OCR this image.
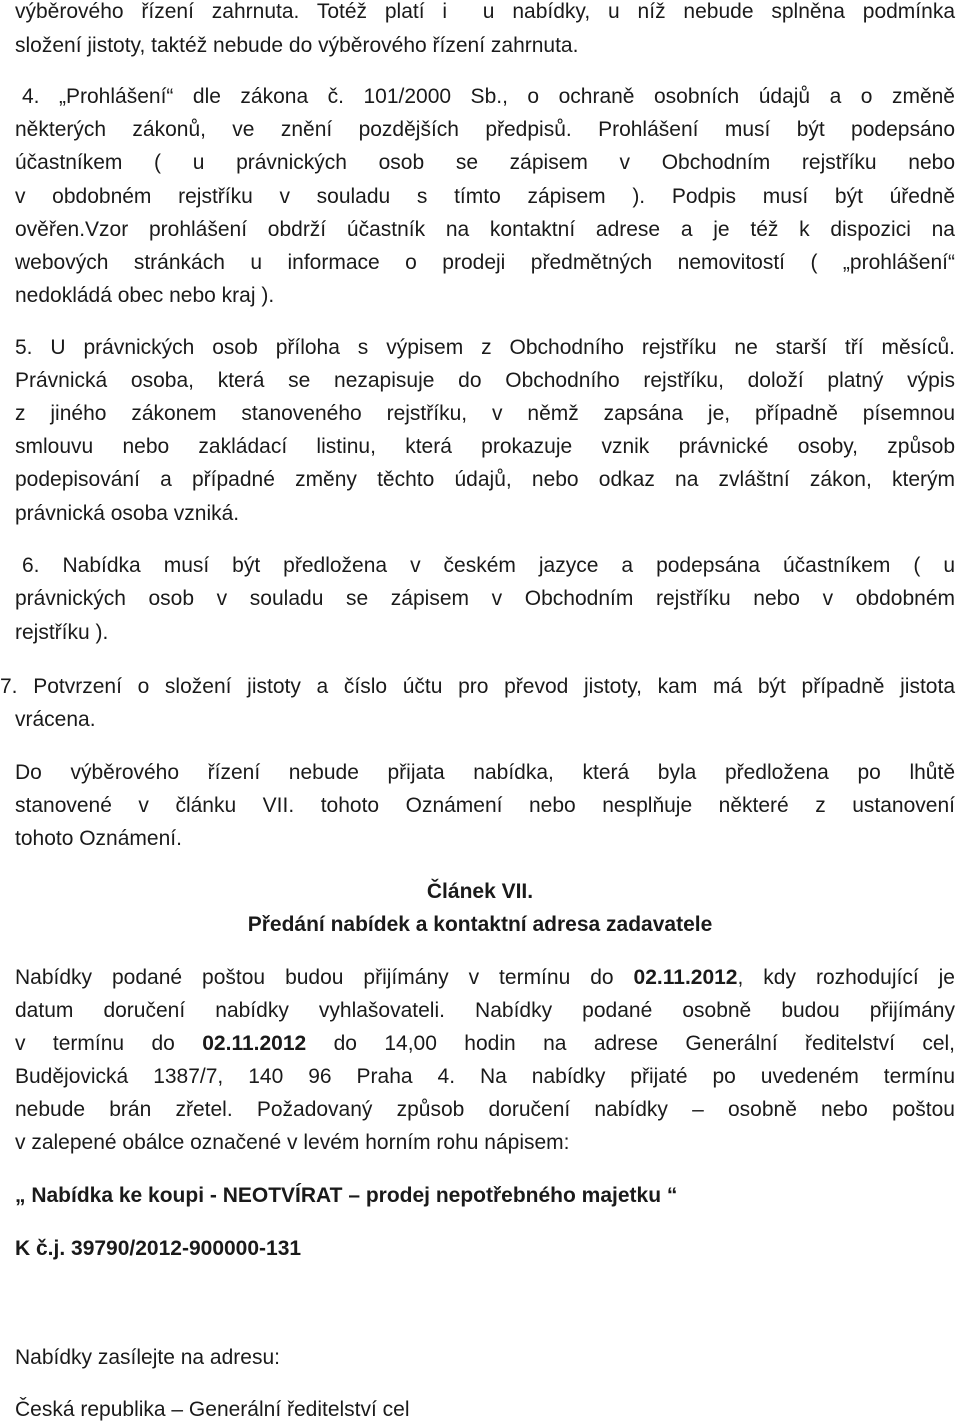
výběrového řízení zahrnuta. Totéž platí i  u nabídky, u níž nebude splněna podmínka
složení jistoty, taktéž nebude do výběrového řízení zahrnuta.
4. „Prohlášení“ dle zákona č. 101/2000 Sb., o ochraně osobních údajů a o změně
některých zákonů, ve znění pozdějších předpisů. Prohlášení musí být podepsáno
účastníkem ( u právnických osob se zápisem v Obchodním rejstříku nebo
v obdobném rejstříku v souladu s tímto zápisem ). Podpis musí být úředně
ověřen.Vzor prohlášení obdrží účastník na kontaktní adrese a je též k dispozici na
webových stránkách u informace o prodeji předmětných nemovitostí ( „prohlášení“
nedokládá obec nebo kraj ).
5. U právnických osob příloha s výpisem z Obchodního rejstříku ne starší tří měsíců.
Právnická osoba, která se nezapisuje do Obchodního rejstříku, doloží platný výpis
z jiného zákonem stanoveného rejstříku, v němž zapsána je, případně písemnou
smlouvu nebo zakládací listinu, která prokazuje vznik právnické osoby, způsob
podepisování a případné změny těchto údajů, nebo odkaz na zvláštní zákon, kterým
právnická osoba vzniká.
6. Nabídka musí být předložena v českém jazyce a podepsána účastníkem ( u
právnických osob v souladu se zápisem v Obchodním rejstříku nebo v obdobném
rejstříku ).
7. Potvrzení o složení jistoty a číslo účtu pro převod jistoty, kam má být případně jistota
vrácena.
Do výběrového řízení nebude přijata nabídka, která byla předložena po lhůtě
stanovené v článku VII. tohoto Oznámení nebo nesplňuje některé z ustanovení
tohoto Oznámení.
Článek VII.
Předání nabídek a kontaktní adresa zadavatele
Nabídky podané poštou budou přijímány v termínu do 02.11.2012, kdy rozhodující je
datum doručení nabídky vyhlašovateli. Nabídky podané osobně budou přijímány
v termínu do 02.11.2012 do 14,00 hodin na adrese Generální ředitelství cel,
Budějovická 1387/7, 140 96 Praha 4. Na nabídky přijaté po uvedeném termínu
nebude brán zřetel. Požadovaný způsob doručení nabídky – osobně nebo poštou
v zalepené obálce označené v levém horním rohu nápisem:
„ Nabídka ke koupi - NEOTVÍRAT – prodej nepotřebného majetku “
K č.j. 39790/2012-900000-131
Nabídky zasílejte na adresu:
Česká republika – Generální ředitelství cel
